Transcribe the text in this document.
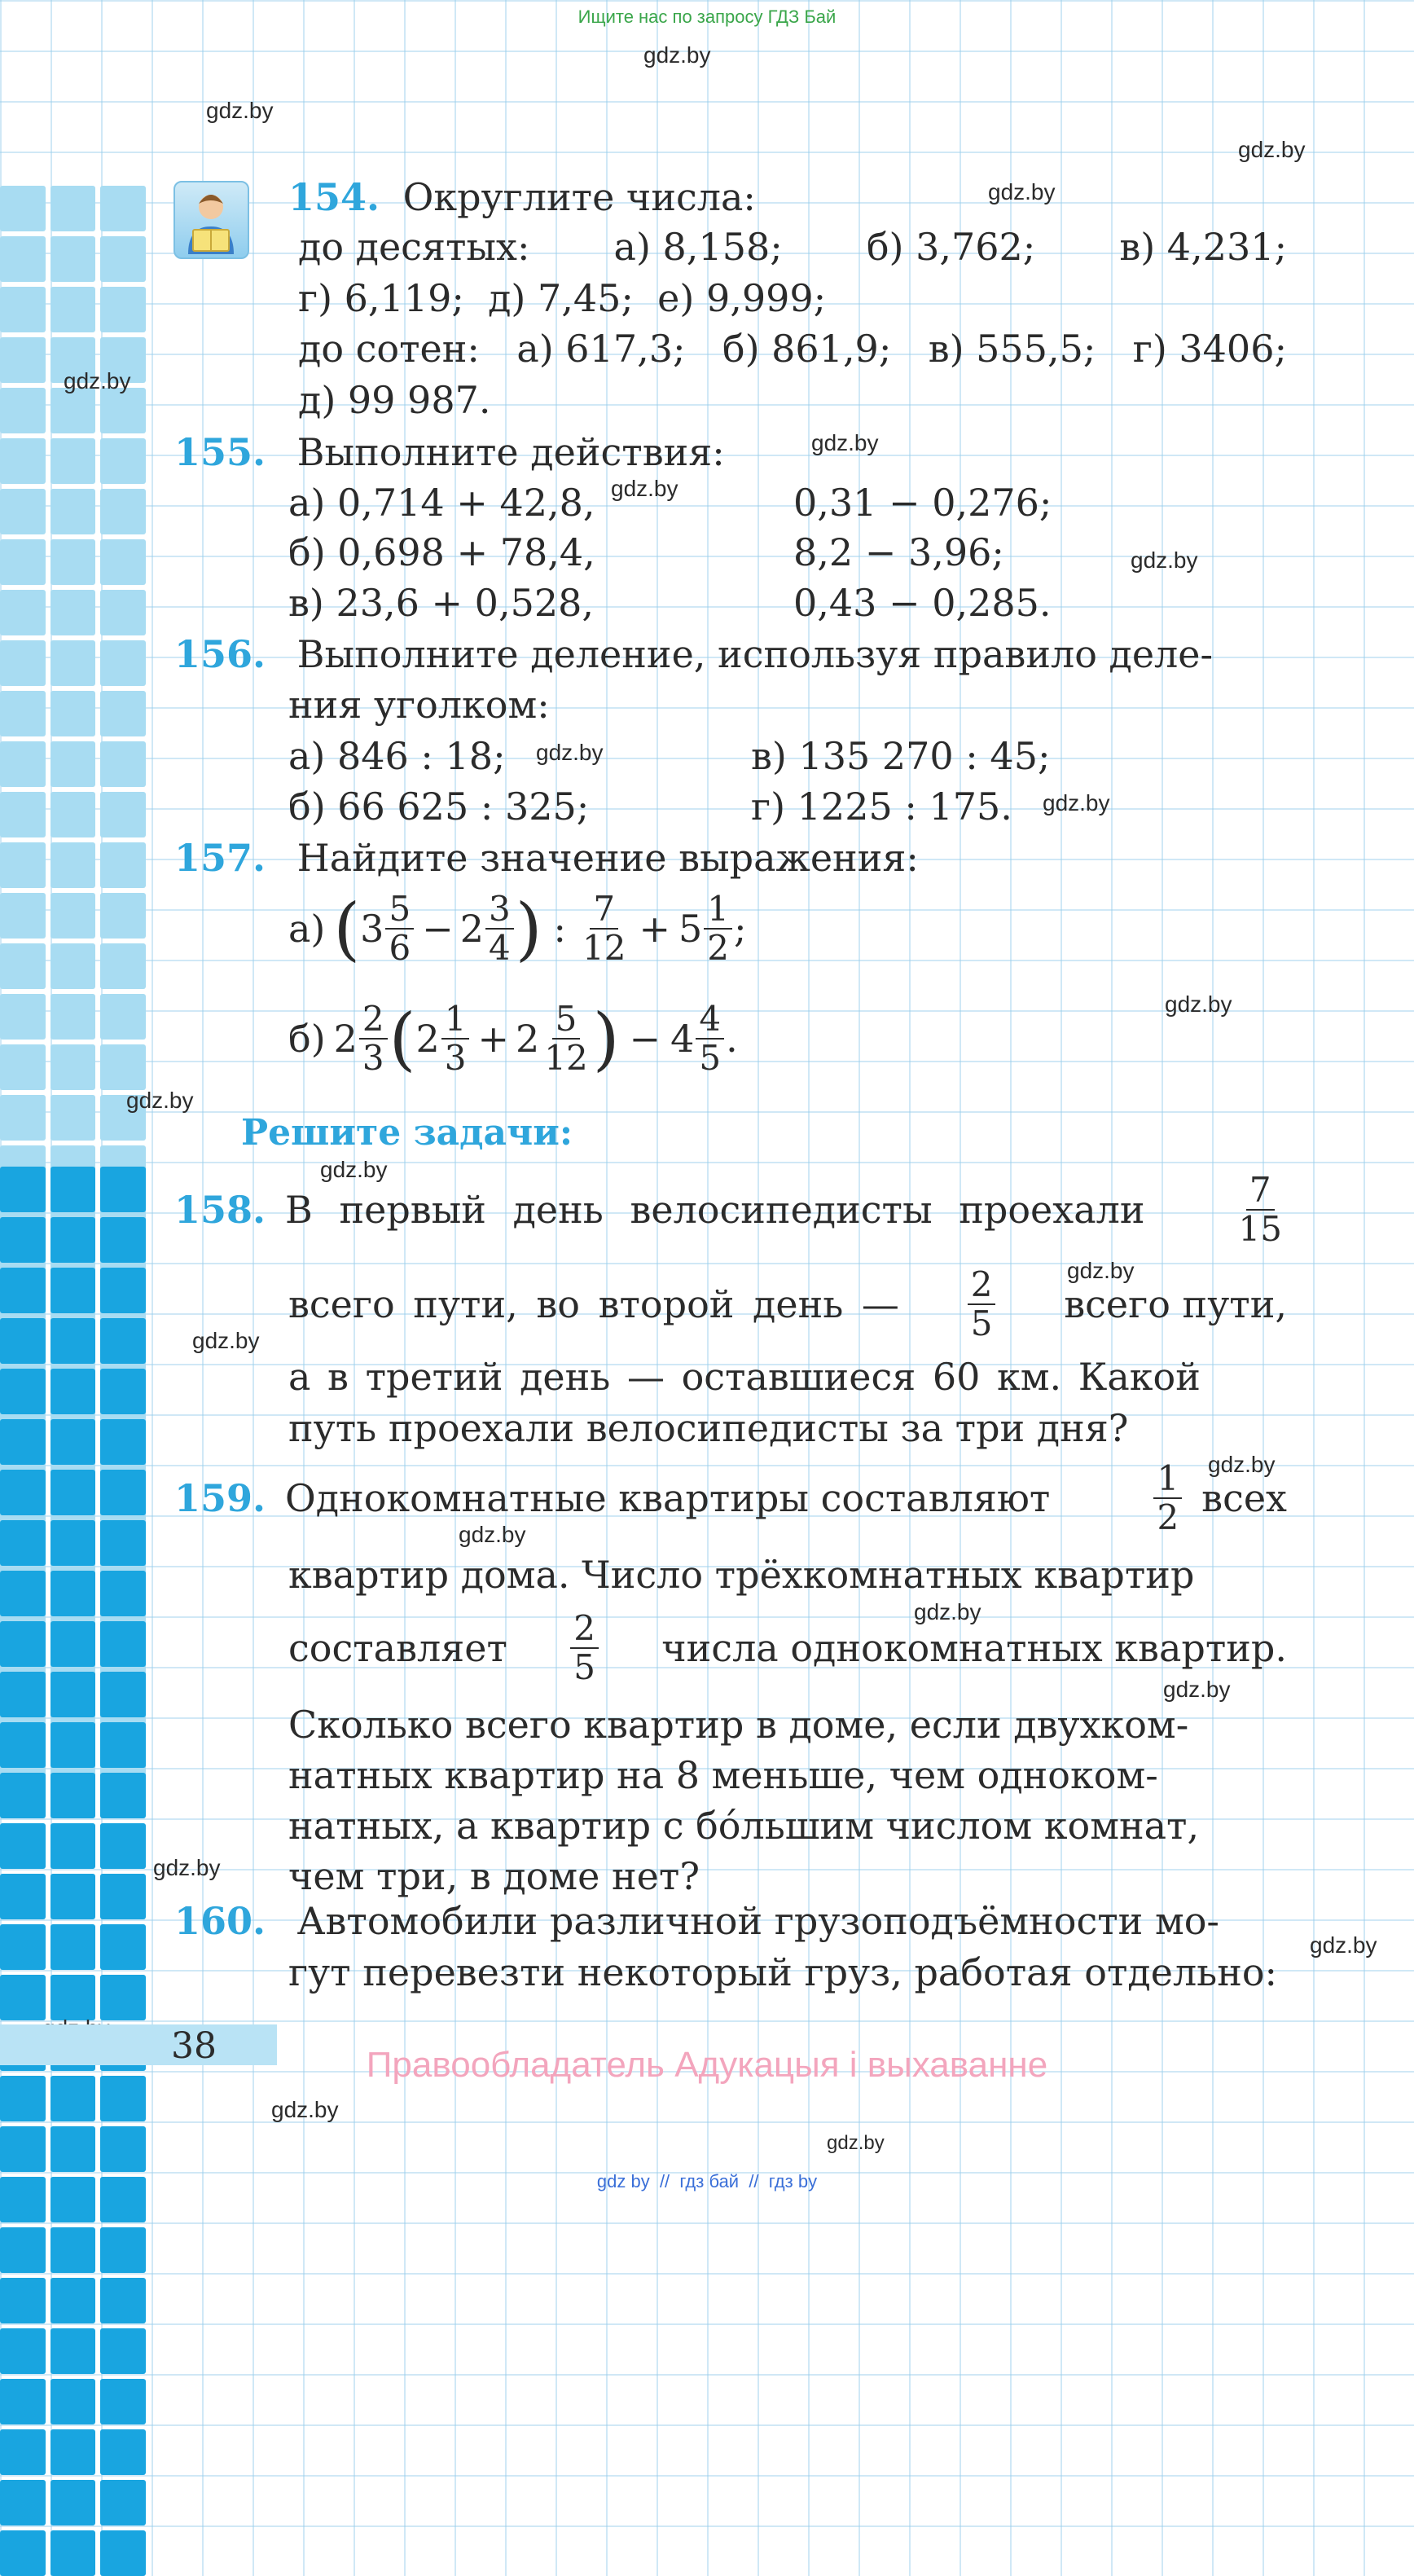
Ищите нас по запросу ГДЗ Бай
gdz.by
gdz.by
gdz.by
gdz.by
gdz.by
gdz.by
gdz.by
gdz.by
gdz.by
gdz.by
gdz.by
gdz.by
gdz.by
gdz.by
gdz.by
gdz.by
gdz.by
gdz.by
gdz.by
gdz.by
gdz.by
gdz.by
gdz.by
154. Округлите числа:
до десятых: а) 8,158; б) 3,762; в) 4,231;
г) 6,119;  д) 7,45;  е) 9,999;
до сотен: а) 617,3; б) 861,9; в) 555,5; г) 3406;
д) 99 987.
155. Выполните действия:
а) 0,714 + 42,8,	0,31 − 0,276;
б) 0,698 + 78,4,	8,2 − 3,96;
в) 23,6 + 0,528,	0,43 − 0,285.
156. Выполните деление, используя правило деле-
ния уголком:
а) 846 : 18;	в) 135 270 : 45;
б) 66 625 : 325;	г) 1225 : 175.
157. Найдите значение выражения:
а) ( $3 \frac{5}{6} - 2 \frac{3}{4}$ ) : $\frac{7}{12} + 5 \frac{1}{2}$ ;
б) $2 \frac{2}{3}$ ( $2 \frac{1}{3} + 2 \frac{5}{12}$ ) − $4 \frac{4}{5}$ .
Решите задачи:
158. В первый день велосипедисты проехали	$\frac{7}{15}$
всего пути, во второй день — $\frac{2}{5}$ всего пути,
а в третий день — оставшиеся 60 км. Какой
путь проехали велосипедисты за три дня?
159. Однокомнатные квартиры составляют	$\frac{1}{2}$ всех
квартир дома. Число трёхкомнатных квартир
составляет $\frac{2}{5}$ числа однокомнатных квартир.
Сколько всего квартир в доме, если двухком-
натных квартир на 8 меньше, чем одноком-
натных, а квартир с бóльшим числом комнат,
чем три, в доме нет?
160. Автомобили различной грузоподъёмности мо-
гут перевезти некоторый груз, работая отдельно:
38	Правообладатель Адукацыя і выхаванне
gdz by  //  гдз бай  //  гдз by
